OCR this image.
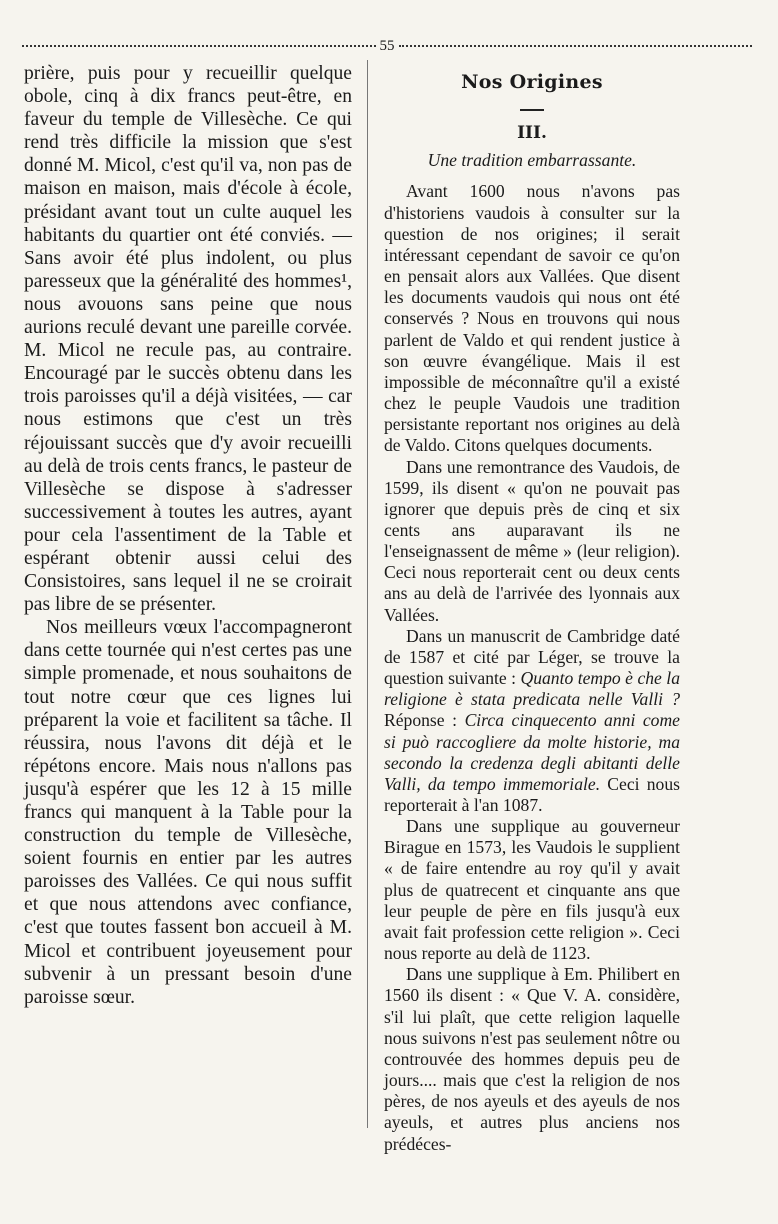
55

prière, puis pour y recueillir quelque obole, cinq à dix francs peut-être, en faveur du temple de Villesèche. Ce qui rend très difficile la mission que s'est donné M. Micol, c'est qu'il va, non pas de maison en maison, mais d'école à école, présidant avant tout un culte auquel les habitants du quartier ont été conviés. — Sans avoir été plus indolent, ou plus paresseux que la généralité des hommes¹, nous avouons sans peine que nous aurions reculé devant une pareille corvée. M. Micol ne recule pas, au contraire. Encouragé par le succès obtenu dans les trois paroisses qu'il a déjà visitées, — car nous estimons que c'est un très réjouissant succès que d'y avoir recueilli au delà de trois cents francs, le pasteur de Villesèche se dispose à s'adresser successivement à toutes les autres, ayant pour cela l'assentiment de la Table et espérant obtenir aussi celui des Consistoires, sans lequel il ne se croirait pas libre de se présenter.

Nos meilleurs vœux l'accompagneront dans cette tournée qui n'est certes pas une simple promenade, et nous souhaitons de tout notre cœur que ces lignes lui préparent la voie et facilitent sa tâche. Il réussira, nous l'avons dit déjà et le répétons encore. Mais nous n'allons pas jusqu'à espérer que les 12 à 15 mille francs qui manquent à la Table pour la construction du temple de Villesèche, soient fournis en entier par les autres paroisses des Vallées. Ce qui nous suffit et que nous attendons avec confiance, c'est que toutes fassent bon accueil à M. Micol et contribuent joyeusement pour subvenir à un pressant besoin d'une paroisse sœur.

Nos Origines
III.
Une tradition embarrassante.

Avant 1600 nous n'avons pas d'historiens vaudois à consulter sur la question de nos origines; il serait intéressant cependant de savoir ce qu'on en pensait alors aux Vallées. Que disent les documents vaudois qui nous ont été conservés ? Nous en trouvons qui nous parlent de Valdo et qui rendent justice à son œuvre évangélique. Mais il est impossible de méconnaître qu'il a existé chez le peuple Vaudois une tradition persistante reportant nos origines au delà de Valdo. Citons quelques documents.

Dans une remontrance des Vaudois, de 1599, ils disent « qu'on ne pouvait pas ignorer que depuis près de cinq et six cents ans auparavant ils ne l'enseignassent de même » (leur religion). Ceci nous reporterait cent ou deux cents ans au delà de l'arrivée des lyonnais aux Vallées.

Dans un manuscrit de Cambridge daté de 1587 et cité par Léger, se trouve la question suivante : Quanto tempo è che la religione è stata predicata nelle Valli ? Réponse : Circa cinquecento anni come si può raccogliere da molte historie, ma secondo la credenza degli abitanti delle Valli, da tempo immemoriale. Ceci nous reporterait à l'an 1087.

Dans une supplique au gouverneur Birague en 1573, les Vaudois le supplient « de faire entendre au roy qu'il y avait plus de quatrecent et cinquante ans que leur peuple de père en fils jusqu'à eux avait fait profession cette religion ». Ceci nous reporte au delà de 1123.

Dans une supplique à Em. Philibert en 1560 ils disent : « Que V. A. considère, s'il lui plaît, que cette religion laquelle nous suivons n'est pas seulement nôtre ou controuvée des hommes depuis peu de jours.... mais que c'est la religion de nos pères, de nos ayeuls et des ayeuls de nos ayeuls, et autres plus anciens nos prédéces-
